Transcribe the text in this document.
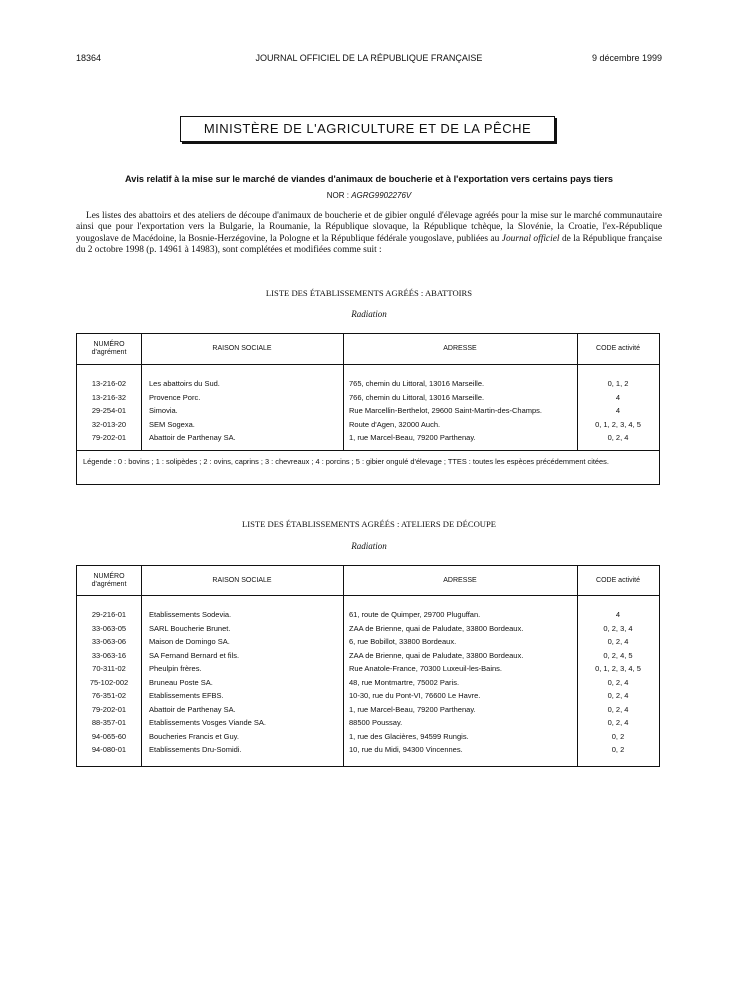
18364	JOURNAL OFFICIEL DE LA RÉPUBLIQUE FRANÇAISE	9 décembre 1999
MINISTÈRE DE L'AGRICULTURE ET DE LA PÊCHE
Avis relatif à la mise sur le marché de viandes d'animaux de boucherie et à l'exportation vers certains pays tiers
NOR : AGRG9902276V
Les listes des abattoirs et des ateliers de découpe d'animaux de boucherie et de gibier ongulé d'élevage agréés pour la mise sur le marché communautaire ainsi que pour l'exportation vers la Bulgarie, la Roumanie, la République slovaque, la République tchèque, la Slovénie, la Croatie, l'ex-République yougoslave de Macédoine, la Bosnie-Herzégovine, la Pologne et la République fédérale yougoslave, publiées au Journal officiel de la République française du 2 octobre 1998 (p. 14961 à 14983), sont complétées et modifiées comme suit :
LISTE DES ÉTABLISSEMENTS AGRÉÉS : ABATTOIRS
Radiation
NUMÉRO d'agrément
RAISON SOCIALE	ADRESSE	CODE activité
13-216-02	Les abattoirs du Sud.	765, chemin du Littoral, 13016 Marseille.	0, 1, 2
13-216-32	Provence Porc.	766, chemin du Littoral, 13016 Marseille.	4
29-254-01	Simovia.	Rue Marcellin-Berthelot, 29600 Saint-Martin-des-Champs.	4
32-013-20	SEM Sogexa.	Route d'Agen, 32000 Auch.	0, 1, 2, 3, 4, 5
79-202-01	Abattoir de Parthenay SA.	1, rue Marcel-Beau, 79200 Parthenay.	0, 2, 4
Légende : 0 : bovins ; 1 : solipèdes ; 2 : ovins, caprins ; 3 : chevreaux ; 4 : porcins ; 5 : gibier ongulé d'élevage ; TTES : toutes les espèces précédemment citées.
LISTE DES ÉTABLISSEMENTS AGRÉÉS : ATELIERS DE DÉCOUPE
Radiation
NUMÉRO d'agrément
RAISON SOCIALE	ADRESSE	CODE activité
29-216-01	Etablissements Sodevia.	61, route de Quimper, 29700 Pluguffan.	4
33-063-05	SARL Boucherie Brunet.	ZAA de Brienne, quai de Paludate, 33800 Bordeaux.	0, 2, 3, 4
33-063-06	Maison de Domingo SA.	6, rue Bobillot, 33800 Bordeaux.	0, 2, 4
33-063-16	SA Fernand Bernard et fils.	ZAA de Brienne, quai de Paludate, 33800 Bordeaux.	0, 2, 4, 5
70-311-02	Pheulpin frères.	Rue Anatole-France, 70300 Luxeuil-les-Bains.	0, 1, 2, 3, 4, 5
75-102-002	Bruneau Poste SA.	48, rue Montmartre, 75002 Paris.	0, 2, 4
76-351-02	Etablissements EFBS.	10-30, rue du Pont-VI, 76600 Le Havre.	0, 2, 4
79-202-01	Abattoir de Parthenay SA.	1, rue Marcel-Beau, 79200 Parthenay.	0, 2, 4
88-357-01	Etablissements Vosges Viande SA.	88500 Poussay.	0, 2, 4
94-065-60	Boucheries Francis et Guy.	1, rue des Glacières, 94599 Rungis.	0, 2
94-080-01	Etablissements Dru-Somidi.	10, rue du Midi, 94300 Vincennes.	0, 2
